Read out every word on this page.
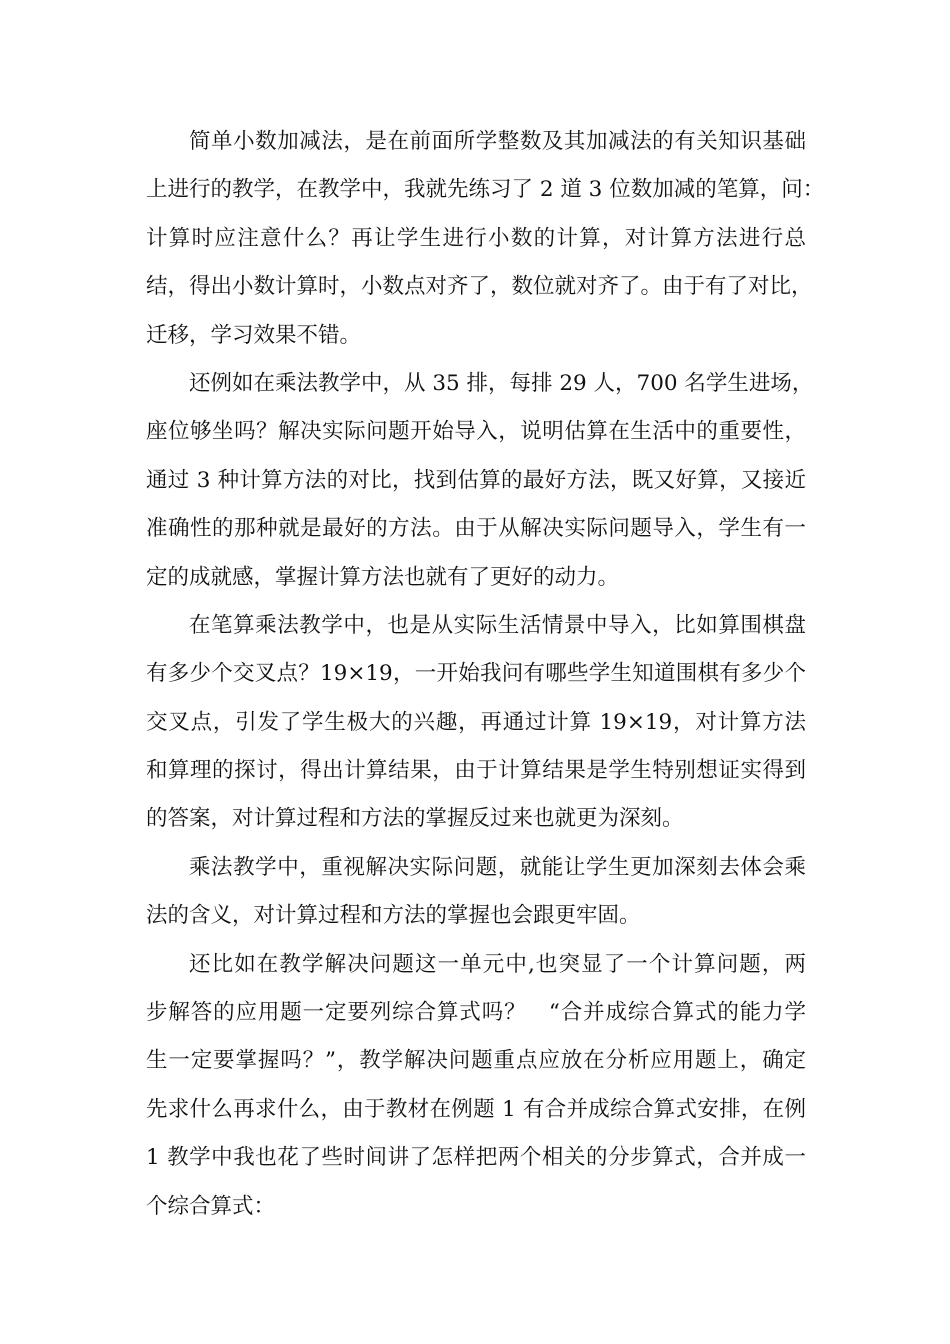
简单小数加减法，是在前面所学整数及其加减法的有关知识基础
上进行的教学，在教学中，我就先练习了 2 道 3 位数加减的笔算，问：
计算时应注意什么？再让学生进行小数的计算，对计算方法进行总
结，得出小数计算时，小数点对齐了，数位就对齐了。由于有了对比，
迁移，学习效果不错。
还例如在乘法教学中，从 35 排，每排 29 人，700 名学生进场，
座位够坐吗？解决实际问题开始导入，说明估算在生活中的重要性，
通过 3 种计算方法的对比，找到估算的最好方法，既又好算，又接近
准确性的那种就是最好的方法。由于从解决实际问题导入，学生有一
定的成就感，掌握计算方法也就有了更好的动力。
在笔算乘法教学中，也是从实际生活情景中导入，比如算围棋盘
有多少个交叉点？19×19，一开始我问有哪些学生知道围棋有多少个
交叉点，引发了学生极大的兴趣，再通过计算 19×19，对计算方法
和算理的探讨，得出计算结果，由于计算结果是学生特别想证实得到
的答案，对计算过程和方法的掌握反过来也就更为深刻。
乘法教学中，重视解决实际问题，就能让学生更加深刻去体会乘
法的含义，对计算过程和方法的掌握也会跟更牢固。
还比如在教学解决问题这一单元中,也突显了一个计算问题，两
步解答的应用题一定要列综合算式吗？　“合并成综合算式的能力学
生一定要掌握吗？”，教学解决问题重点应放在分析应用题上，确定
先求什么再求什么，由于教材在例题 1 有合并成综合算式安排，在例
1 教学中我也花了些时间讲了怎样把两个相关的分步算式，合并成一
个综合算式：
